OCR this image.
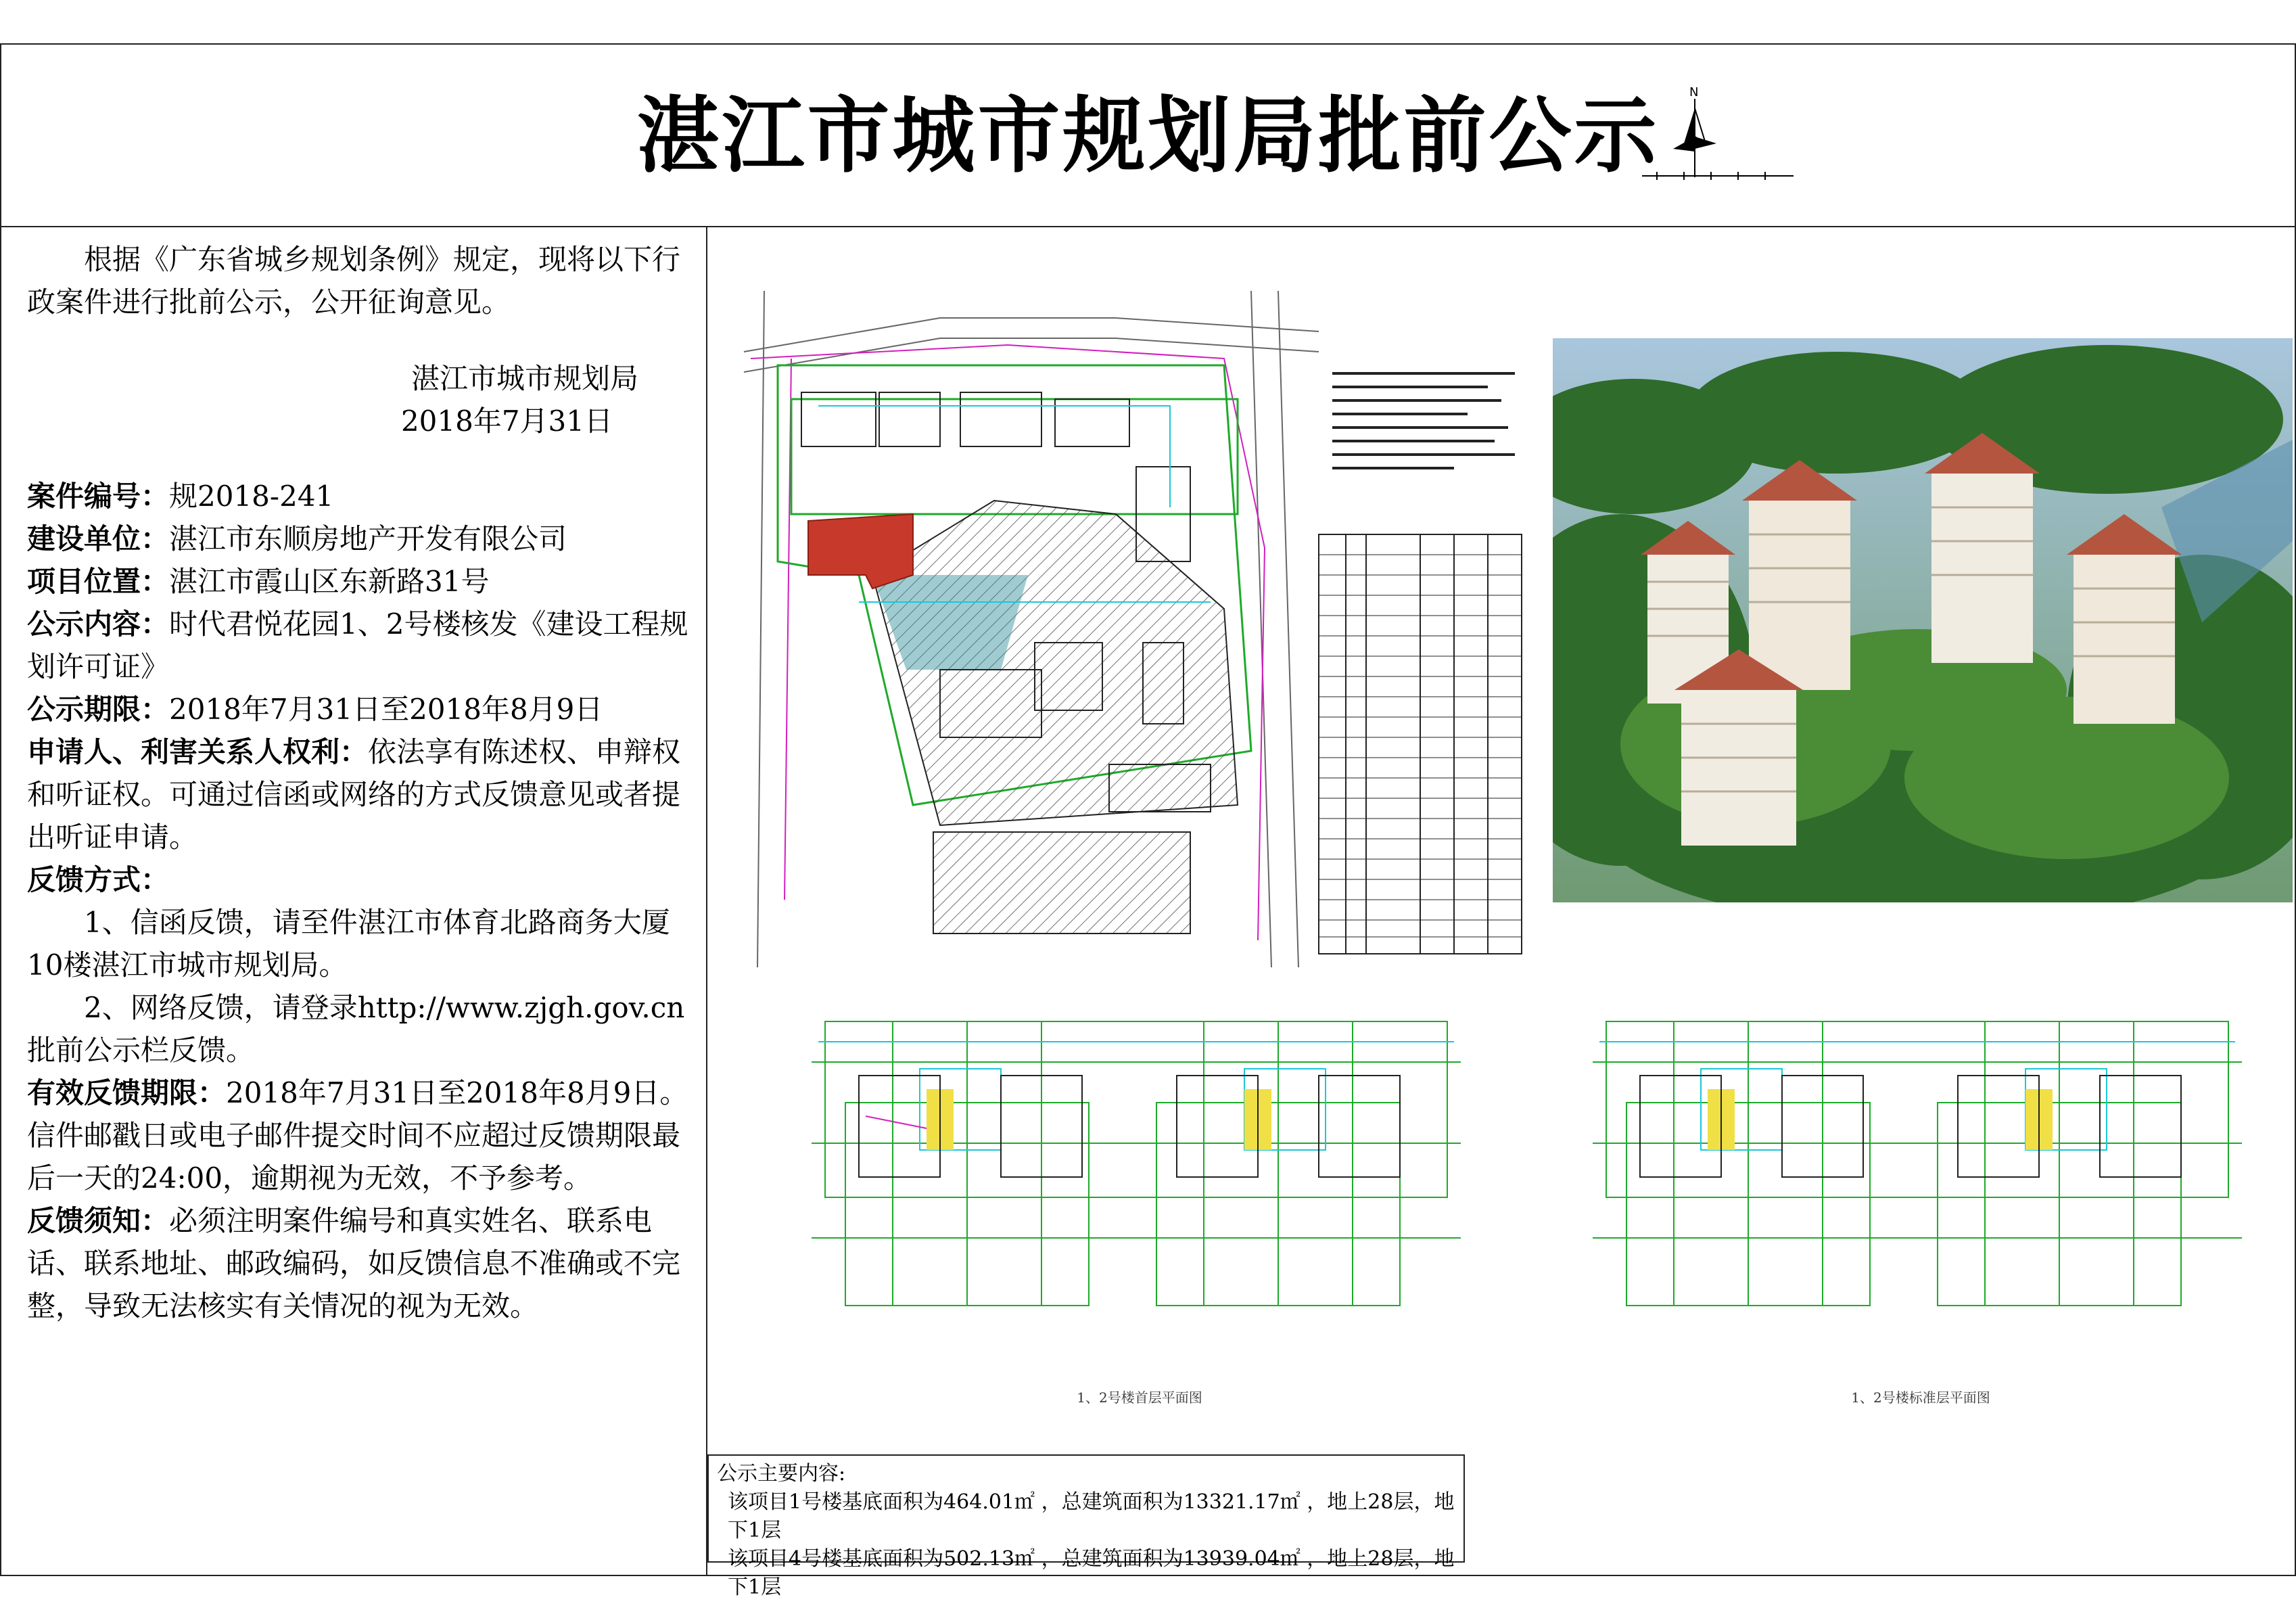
湛江市城市规划局批前公示	N

根据《广东省城乡规划条例》规定，现将以下行政案件进行批前公示，公开征询意见。

湛江市城市规划局

2018年7月31日

案件编号：规2018-241

建设单位：湛江市东顺房地产开发有限公司

项目位置：湛江市霞山区东新路31号

公示内容：时代君悦花园1、2号楼核发《建设工程规划许可证》

公示期限：2018年7月31日至2018年8月9日

申请人、利害关系人权利：依法享有陈述权、申辩权和听证权。可通过信函或网络的方式反馈意见或者提出听证申请。

反馈方式：

1、信函反馈，请至件湛江市体育北路商务大厦10楼湛江市城市规划局。

2、网络反馈，请登录http://www.zjgh.gov.cn批前公示栏反馈。

有效反馈期限：2018年7月31日至2018年8月9日。信件邮戳日或电子邮件提交时间不应超过反馈期限最后一天的24:00，逾期视为无效，不予参考。

反馈须知：必须注明案件编号和真实姓名、联系电话、联系地址、邮政编码，如反馈信息不准确或不完整，导致无法核实有关情况的视为无效。

1、2号楼首层平面图	1、2号楼标准层平面图

公示主要内容:

该项目1号楼基底面积为464.01㎡ ，总建筑面积为13321.17㎡ ，地上28层，地下1层

该项目4号楼基底面积为502.13㎡ ，总建筑面积为13939.04㎡ ，地上28层，地下1层
